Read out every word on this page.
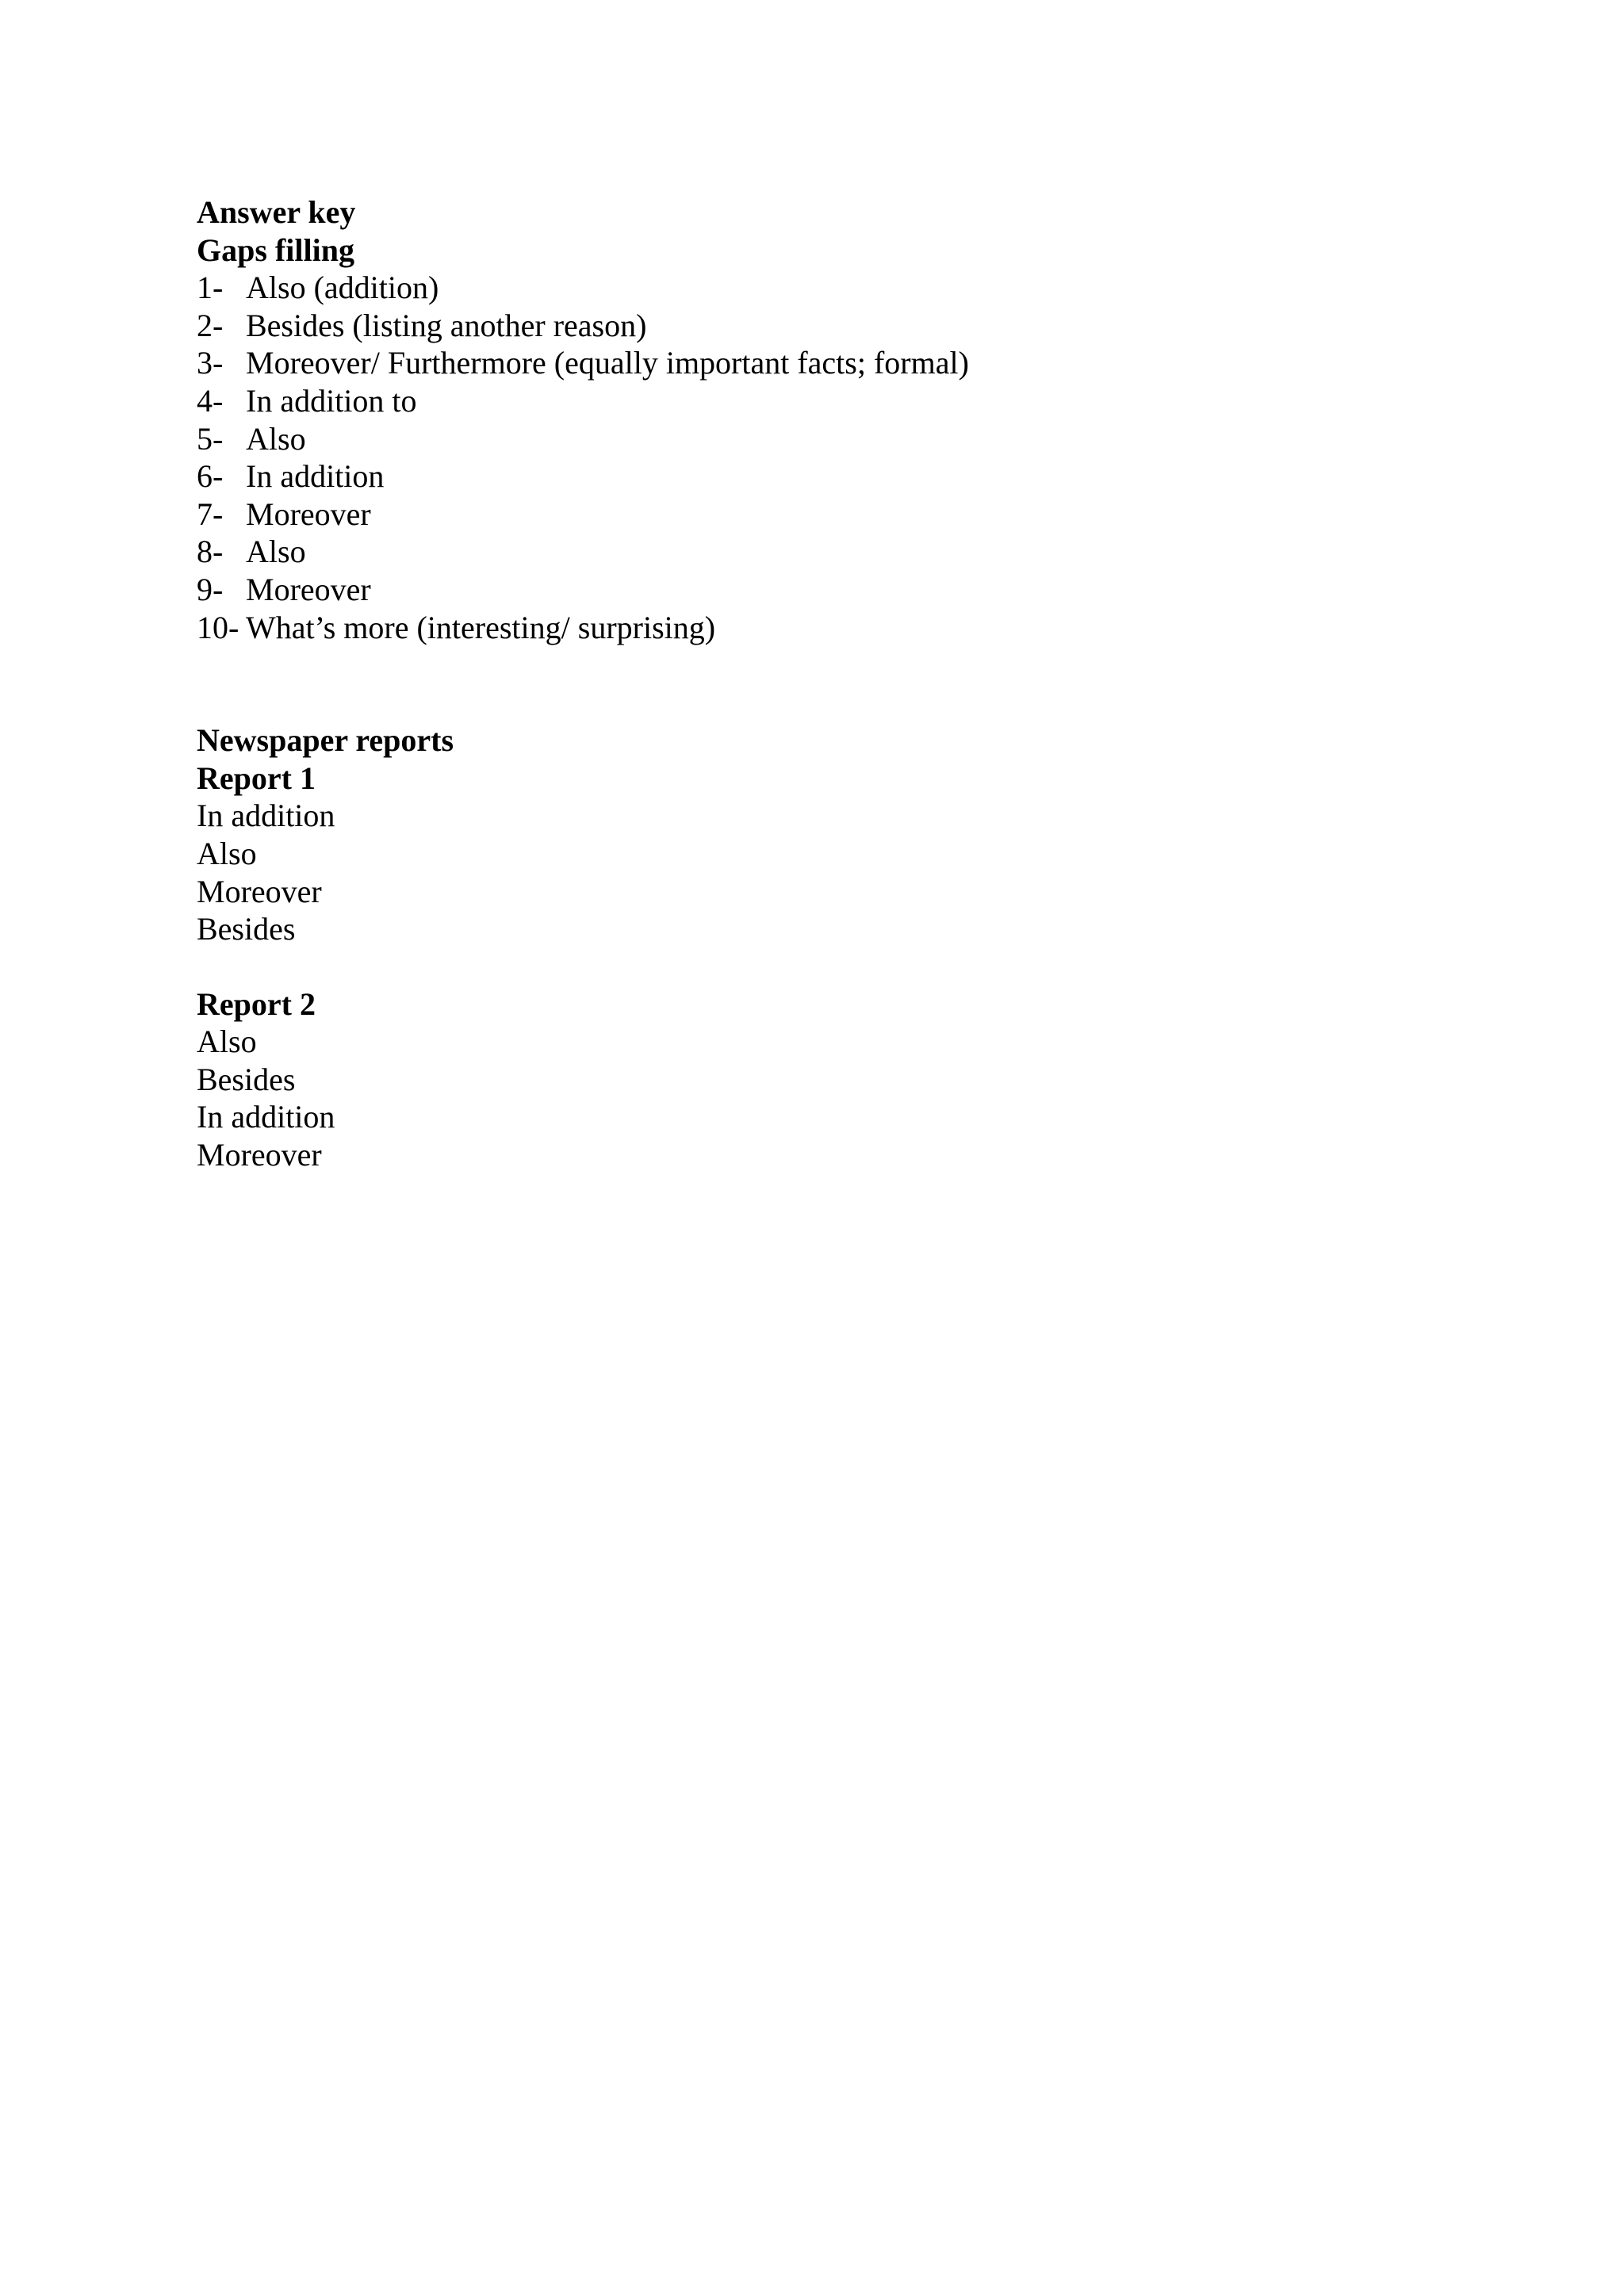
Answer key

Gaps filling

1- Also (addition)
2- Besides (listing another reason)
3- Moreover/ Furthermore (equally important facts; formal)
4- In addition to
5- Also
6- In addition
7- Moreover
8- Also
9- Moreover
10- What’s more (interesting/ surprising)

Newspaper reports

Report 1

In addition

Also

Moreover

Besides

Report 2

Also

Besides

In addition

Moreover
